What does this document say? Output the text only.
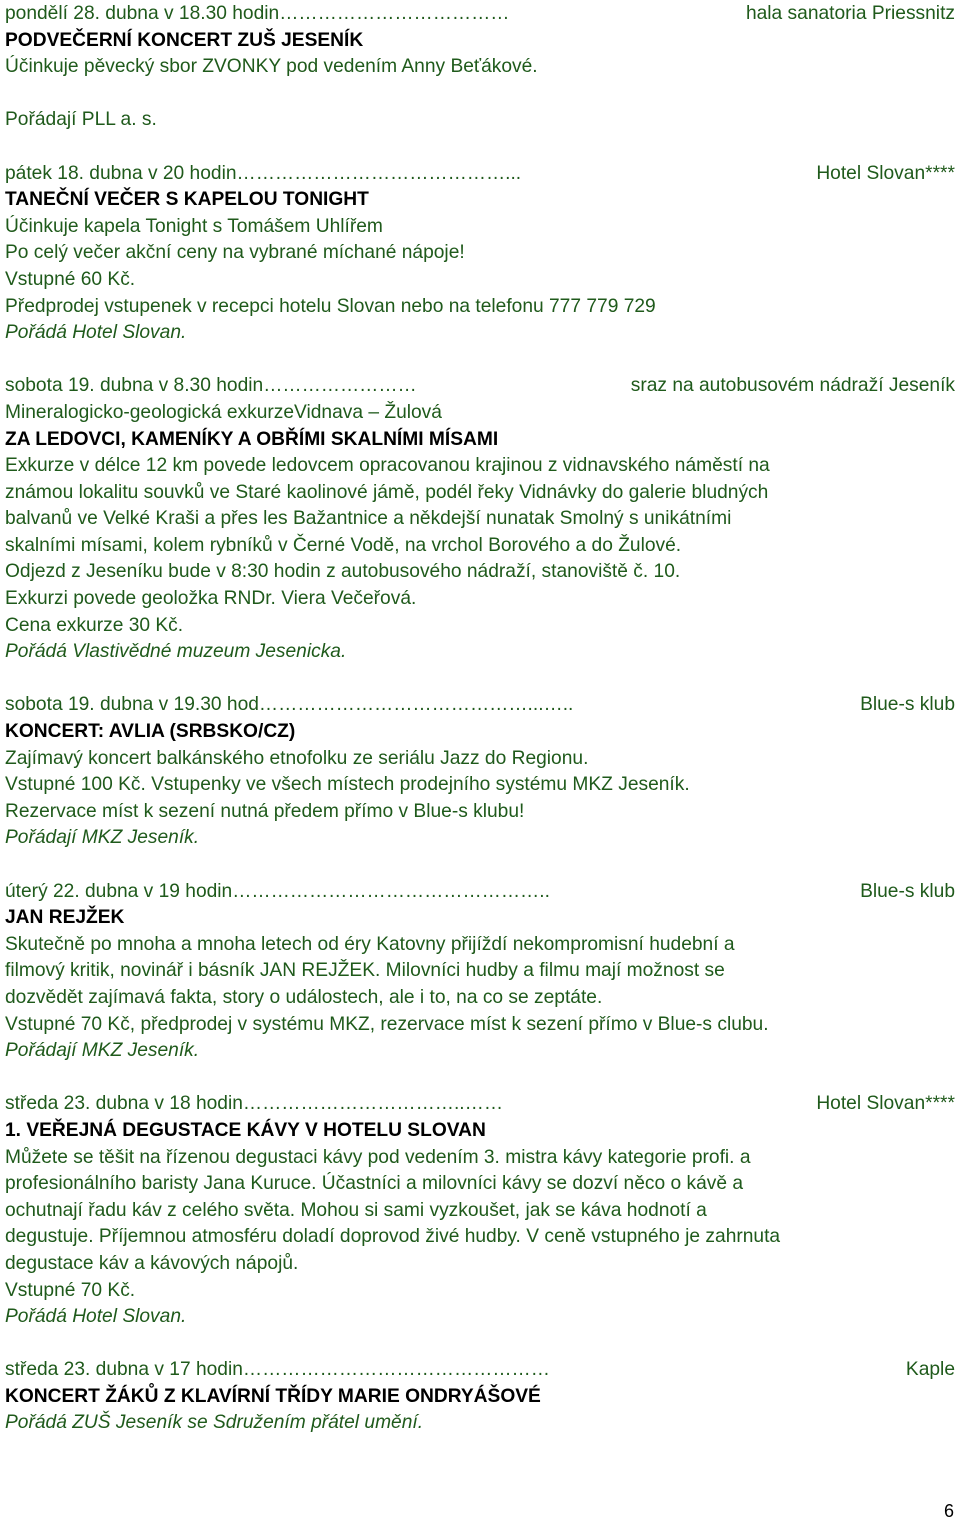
pondělí 28. dubna v 18.30 hodin ………………………………	hala sanatoria Priessnitz
PODVEČERNÍ KONCERT ZUŠ JESENÍK
Účinkuje pěvecký sbor ZVONKY pod vedením Anny Beťákové.

Pořádají PLL a. s.
pátek 18. dubna v 20 hodin ……………………………………...	Hotel Slovan****
TANEČNÍ VEČER S KAPELOU TONIGHT
Účinkuje kapela Tonight s Tomášem Uhlířem
Po celý večer akční ceny na vybrané míchané nápoje!
Vstupné 60 Kč.
Předprodej vstupenek v recepci hotelu Slovan nebo na telefonu 777 779 729
Pořádá Hotel Slovan.
sobota 19. dubna v 8.30 hodin ……………………	sraz na autobusovém nádraží Jeseník
Mineralogicko-geologická exkurzeVidnava – Žulová
ZA LEDOVCI, KAMENÍKY A OBŘÍMI SKALNÍMI MÍSAMI
Exkurze v délce 12 km povede ledovcem opracovanou krajinou z vidnavského náměstí na
známou lokalitu souvků ve Staré kaolinové jámě, podél řeky Vidnávky do galerie bludných
balvanů ve Velké Kraši a přes les Bažantnice a někdejší nunatak Smolný s unikátními
skalními mísami, kolem rybníků v Černé Vodě, na vrchol Borového a do Žulové.
Odjezd z Jeseníku bude v 8:30 hodin z autobusového nádraží, stanoviště č. 10.
Exkurzi povede geoložka RNDr. Viera Večeřová.
Cena exkurze 30 Kč.
Pořádá Vlastivědné muzeum Jesenicka.
sobota 19. dubna v 19.30 hod ……………………………………...…..	Blue-s klub
KONCERT: AVLIA (SRBSKO/CZ)
Zajímavý koncert balkánského etnofolku ze seriálu Jazz do Regionu.
Vstupné 100 Kč. Vstupenky ve všech místech prodejního systému MKZ Jeseník.
Rezervace míst k sezení nutná předem přímo v Blue-s klubu!
Pořádají MKZ Jeseník.
úterý 22. dubna v 19 hodin …………………………………………..	Blue-s klub
JAN REJŽEK
Skutečně po mnoha a mnoha letech od éry Katovny přijíždí nekompromisní hudební a
filmový kritik, novinář i básník JAN REJŽEK. Milovníci hudby a filmu mají možnost se
dozvědět zajímavá fakta, story o událostech, ale i to, na co se zeptáte.
Vstupné 70 Kč, předprodej v systému MKZ, rezervace míst k sezení přímo v Blue-s clubu.
Pořádají MKZ Jeseník.
středa 23. dubna v 18 hodin ……………………………..……	Hotel Slovan****
1. VEŘEJNÁ DEGUSTACE KÁVY V HOTELU SLOVAN
Můžete se těšit na řízenou degustaci kávy pod vedením 3. mistra kávy kategorie profi. a
profesionálního baristy Jana Kuruce. Účastníci a milovníci kávy se dozví něco o kávě a
ochutnají řadu káv z celého světa. Mohou si sami vyzkoušet, jak se káva hodnotí a
degustuje. Příjemnou atmosféru doladí doprovod živé hudby. V ceně vstupného je zahrnuta
degustace káv a kávových nápojů.
Vstupné 70 Kč.
Pořádá Hotel Slovan.
středa 23. dubna v 17 hodin …………………………………………	Kaple
KONCERT ŽÁKŮ Z KLAVÍRNÍ TŘÍDY MARIE ONDRYÁŠOVÉ
Pořádá ZUŠ Jeseník se Sdružením přátel umění.
6
